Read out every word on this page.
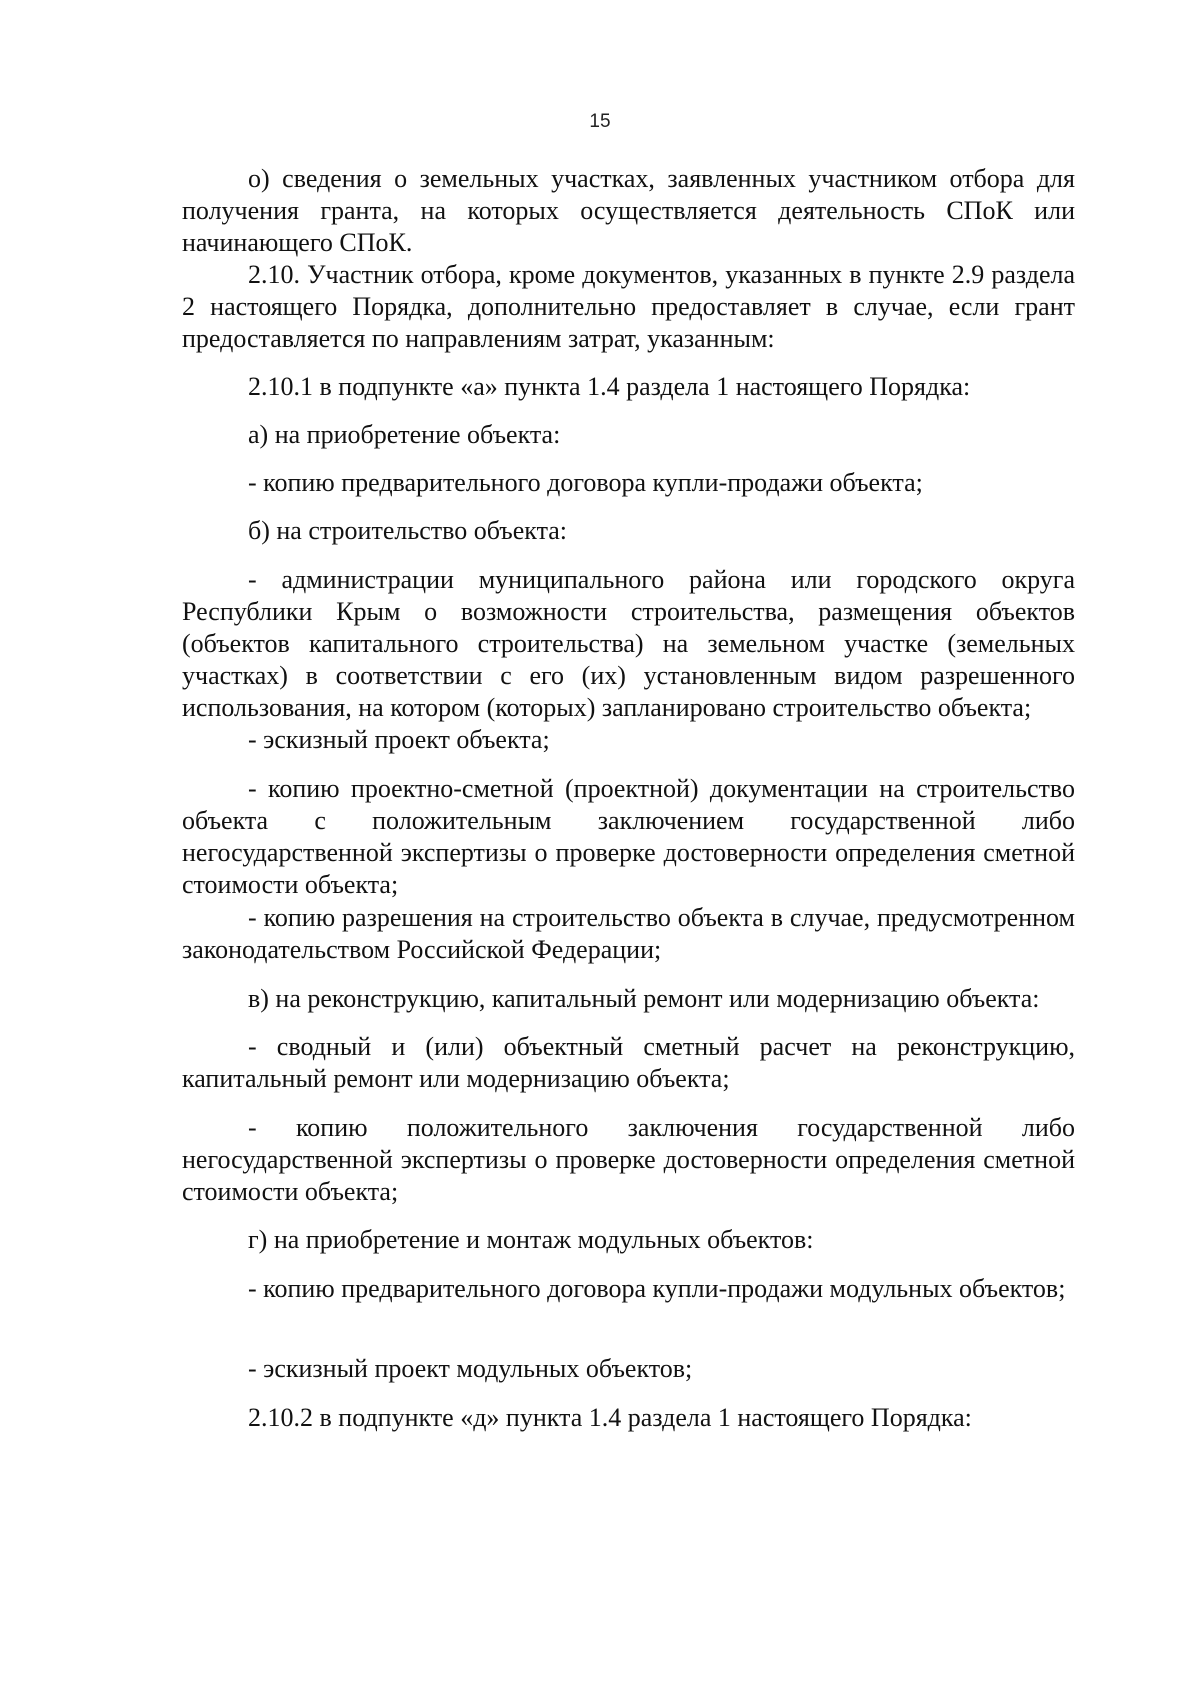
15

о) сведения о земельных участках, заявленных участником отбора для получения гранта, на которых осуществляется деятельность СПоК или начинающего СПоК.

2.10. Участник отбора, кроме документов, указанных в пункте 2.9 раздела 2 настоящего Порядка, дополнительно предоставляет в случае, если грант предоставляется по направлениям затрат, указанным:

2.10.1 в подпункте «а» пункта 1.4 раздела 1 настоящего Порядка:

а) на приобретение объекта:

- копию предварительного договора купли-продажи объекта;

б) на строительство объекта:

- администрации муниципального района или городского округа Республики Крым о возможности строительства, размещения объектов (объектов капитального строительства) на земельном участке (земельных участках) в соответствии с его (их) установленным видом разрешенного использования, на котором (которых) запланировано строительство объекта;

- эскизный проект объекта;

- копию проектно-сметной (проектной) документации на строительство объекта с положительным заключением государственной либо негосударственной экспертизы о проверке достоверности определения сметной стоимости объекта;

- копию разрешения на строительство объекта в случае, предусмотренном законодательством Российской Федерации;

в) на реконструкцию, капитальный ремонт или модернизацию объекта:

- сводный и (или) объектный сметный расчет на реконструкцию, капитальный ремонт или модернизацию объекта;

- копию положительного заключения государственной либо негосударственной экспертизы о проверке достоверности определения сметной стоимости объекта;

г) на приобретение и монтаж модульных объектов:

- копию предварительного договора купли-продажи модульных объектов;

- эскизный проект модульных объектов;

2.10.2 в подпункте «д» пункта 1.4 раздела 1 настоящего Порядка:
